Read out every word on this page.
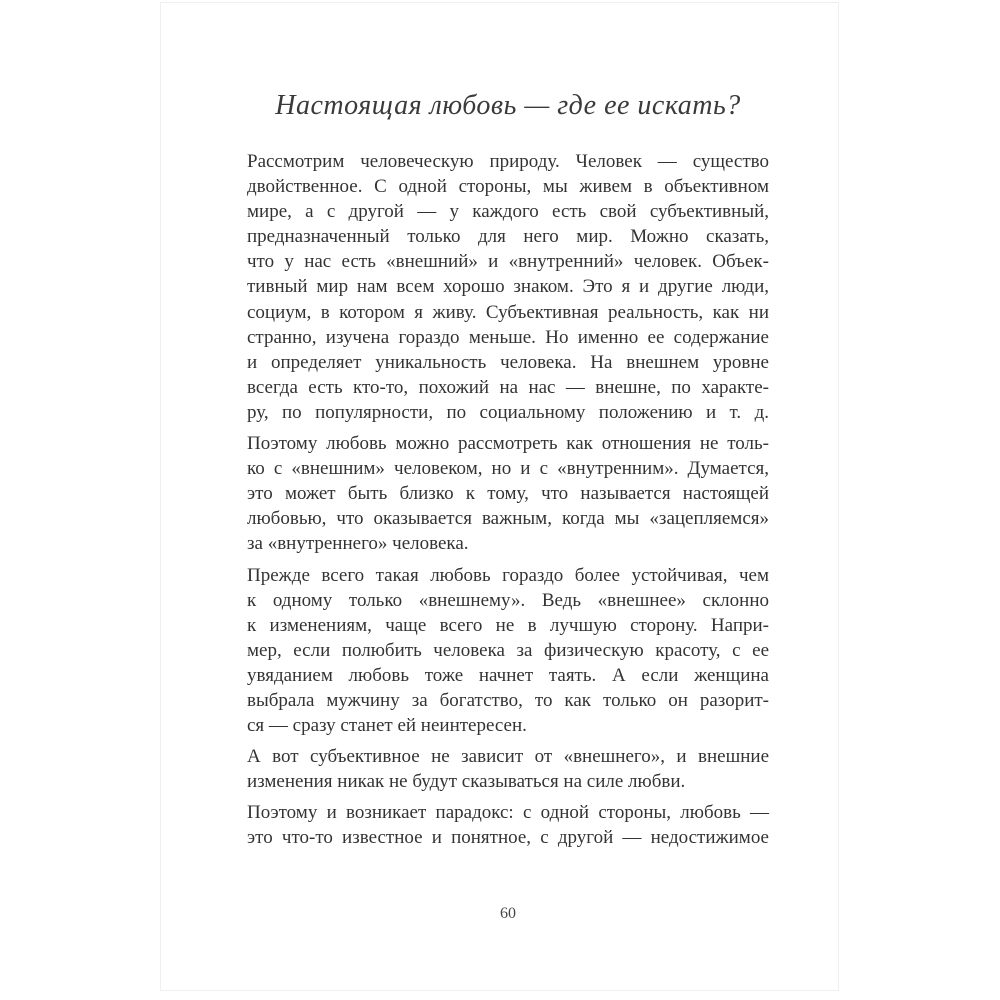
Настоящая любовь — где ее искать?
Рассмотрим человеческую природу. Человек — существо
двойственное. С одной стороны, мы живем в объективном
мире, а с другой — у каждого есть свой субъективный,
предназначенный только для него мир. Можно сказать,
что у нас есть «внешний» и «внутренний» человек. Объек-
тивный мир нам всем хорошо знаком. Это я и другие люди,
социум, в котором я живу. Субъективная реальность, как ни
странно, изучена гораздо меньше. Но именно ее содержание
и определяет уникальность человека. На внешнем уровне
всегда есть кто-то, похожий на нас — внешне, по характе-
ру, по популярности, по социальному положению и т. д.
Поэтому любовь можно рассмотреть как отношения не толь-
ко с «внешним» человеком, но и с «внутренним». Думается,
это может быть близко к тому, что называется настоящей
любовью, что оказывается важным, когда мы «зацепляемся»
за «внутреннего» человека.
Прежде всего такая любовь гораздо более устойчивая, чем
к одному только «внешнему». Ведь «внешнее» склонно
к изменениям, чаще всего не в лучшую сторону. Напри-
мер, если полюбить человека за физическую красоту, с ее
увяданием любовь тоже начнет таять. А если женщина
выбрала мужчину за богатство, то как только он разорит-
ся — сразу станет ей неинтересен.
А вот субъективное не зависит от «внешнего», и внешние
изменения никак не будут сказываться на силе любви.
Поэтому и возникает парадокс: с одной стороны, любовь —
это что-то известное и понятное, с другой — недостижимое
60
